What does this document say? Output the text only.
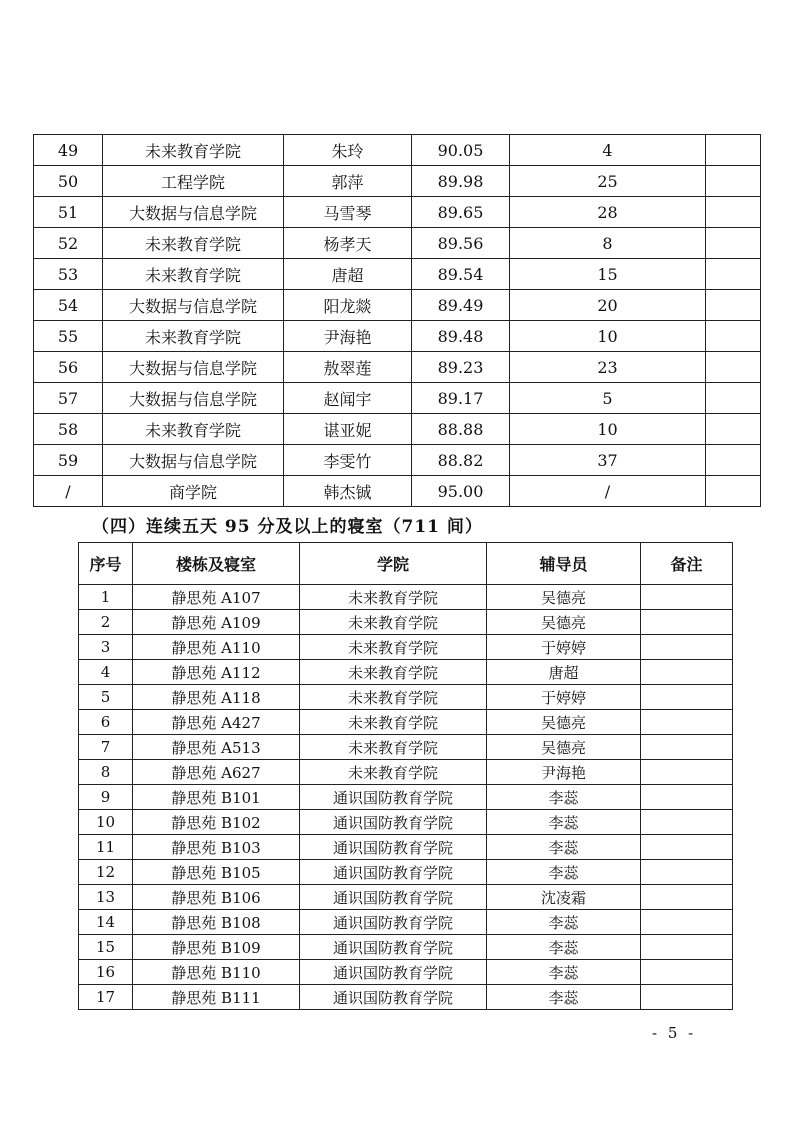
49	未来教育学院	朱玲	90.05	4	
50	工程学院	郭萍	89.98	25	
51	大数据与信息学院	马雪琴	89.65	28	
52	未来教育学院	杨孝天	89.56	8	
53	未来教育学院	唐超	89.54	15	
54	大数据与信息学院	阳龙燚	89.49	20	
55	未来教育学院	尹海艳	89.48	10	
56	大数据与信息学院	敖翠莲	89.23	23	
57	大数据与信息学院	赵闻宇	89.17	5	
58	未来教育学院	谌亚妮	88.88	10	
59	大数据与信息学院	李雯竹	88.82	37	
/	商学院	韩杰铖	95.00	/	
（四）连续五天 95 分及以上的寝室（711 间）
序号	楼栋及寝室	学院	辅导员	备注
1	静思苑 A107	未来教育学院	吴德亮	
2	静思苑 A109	未来教育学院	吴德亮	
3	静思苑 A110	未来教育学院	于婷婷	
4	静思苑 A112	未来教育学院	唐超	
5	静思苑 A118	未来教育学院	于婷婷	
6	静思苑 A427	未来教育学院	吴德亮	
7	静思苑 A513	未来教育学院	吴德亮	
8	静思苑 A627	未来教育学院	尹海艳	
9	静思苑 B101	通识国防教育学院	李蕊	
10	静思苑 B102	通识国防教育学院	李蕊	
11	静思苑 B103	通识国防教育学院	李蕊	
12	静思苑 B105	通识国防教育学院	李蕊	
13	静思苑 B106	通识国防教育学院	沈凌霜	
14	静思苑 B108	通识国防教育学院	李蕊	
15	静思苑 B109	通识国防教育学院	李蕊	
16	静思苑 B110	通识国防教育学院	李蕊	
17	静思苑 B111	通识国防教育学院	李蕊	
- 5 -
